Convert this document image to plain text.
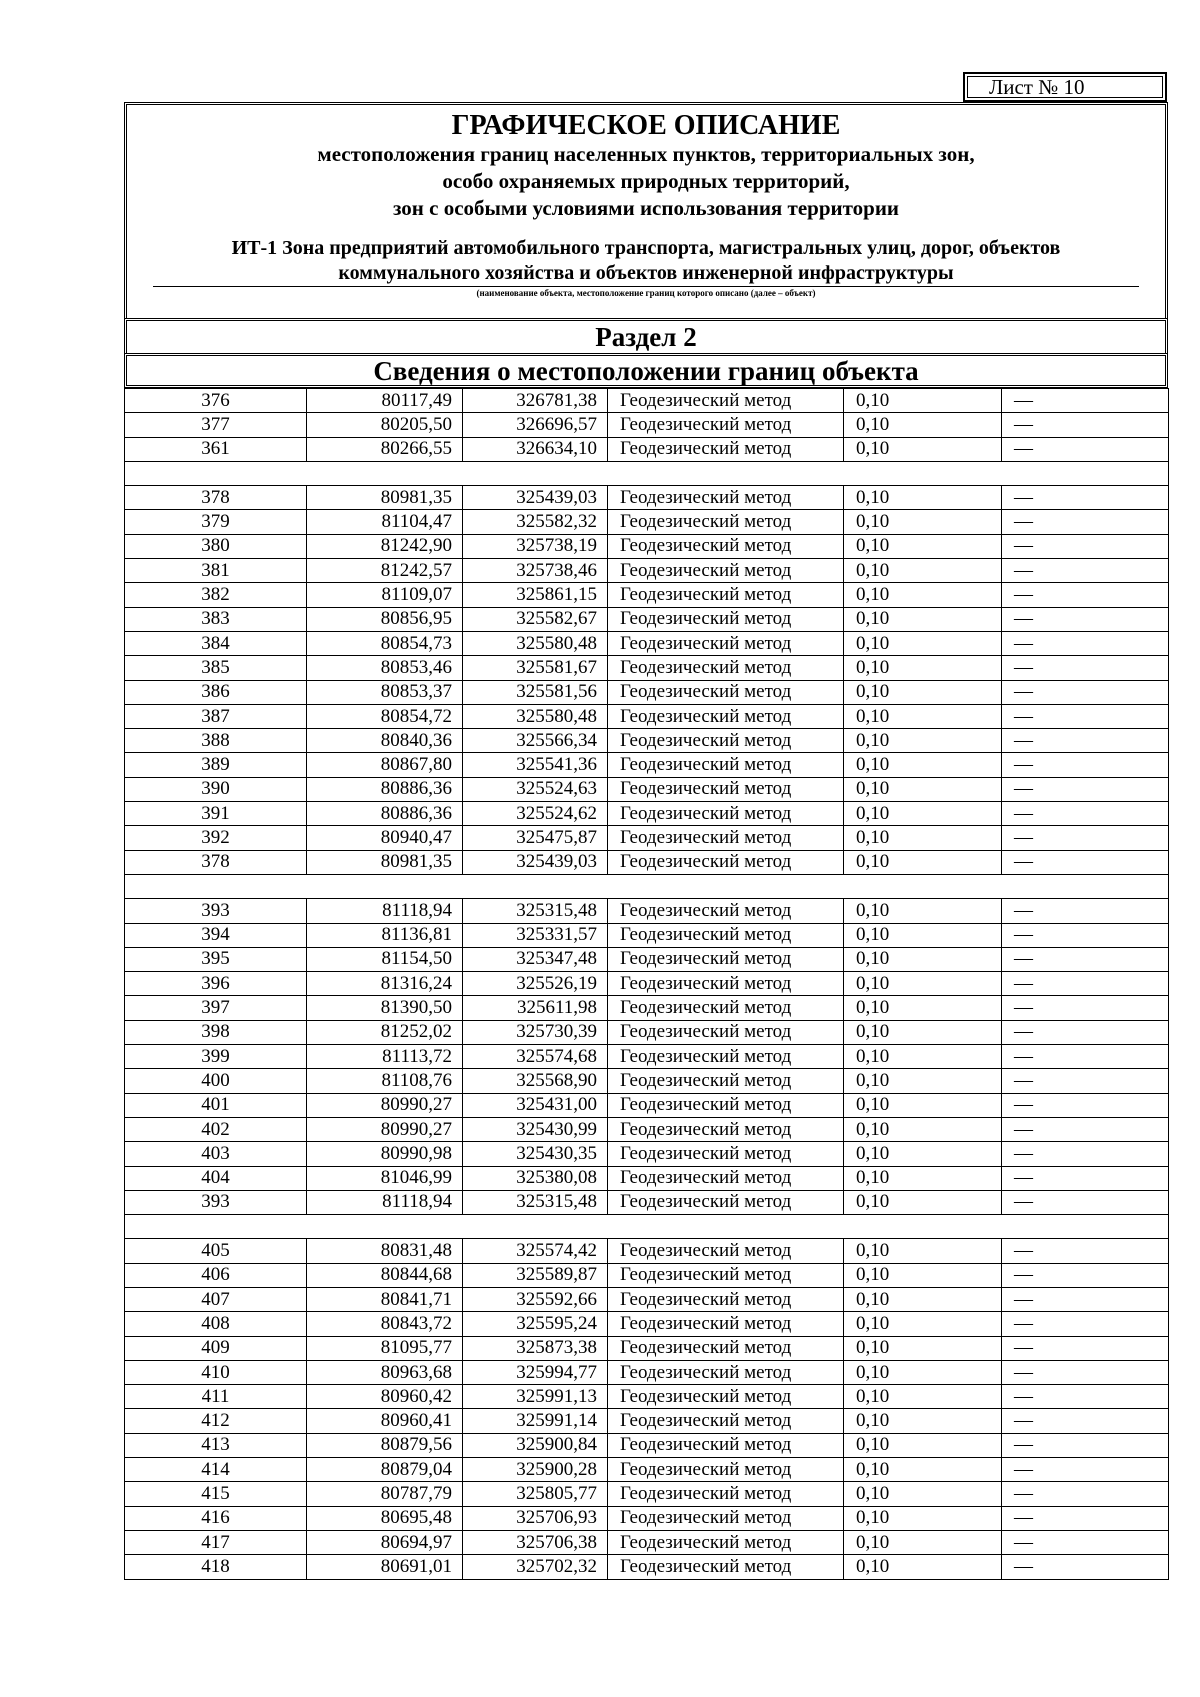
Лист № 10
ГРАФИЧЕСКОЕ ОПИСАНИЕ
местоположения границ населенных пунктов, территориальных зон,
особо охраняемых природных территорий,
зон с особыми условиями использования территории
ИТ-1 Зона предприятий автомобильного транспорта, магистральных улиц, дорог, объектов
коммунального хозяйства и объектов инженерной инфраструктуры
(наименование объекта, местоположение границ которого описано (далее – объект)
Раздел 2
Сведения о местоположении границ объекта
376	80117,49	326781,38	Геодезический метод	0,10	—
377	80205,50	326696,57	Геодезический метод	0,10	—
361	80266,55	326634,10	Геодезический метод	0,10	—

378	80981,35	325439,03	Геодезический метод	0,10	—
379	81104,47	325582,32	Геодезический метод	0,10	—
380	81242,90	325738,19	Геодезический метод	0,10	—
381	81242,57	325738,46	Геодезический метод	0,10	—
382	81109,07	325861,15	Геодезический метод	0,10	—
383	80856,95	325582,67	Геодезический метод	0,10	—
384	80854,73	325580,48	Геодезический метод	0,10	—
385	80853,46	325581,67	Геодезический метод	0,10	—
386	80853,37	325581,56	Геодезический метод	0,10	—
387	80854,72	325580,48	Геодезический метод	0,10	—
388	80840,36	325566,34	Геодезический метод	0,10	—
389	80867,80	325541,36	Геодезический метод	0,10	—
390	80886,36	325524,63	Геодезический метод	0,10	—
391	80886,36	325524,62	Геодезический метод	0,10	—
392	80940,47	325475,87	Геодезический метод	0,10	—
378	80981,35	325439,03	Геодезический метод	0,10	—

393	81118,94	325315,48	Геодезический метод	0,10	—
394	81136,81	325331,57	Геодезический метод	0,10	—
395	81154,50	325347,48	Геодезический метод	0,10	—
396	81316,24	325526,19	Геодезический метод	0,10	—
397	81390,50	325611,98	Геодезический метод	0,10	—
398	81252,02	325730,39	Геодезический метод	0,10	—
399	81113,72	325574,68	Геодезический метод	0,10	—
400	81108,76	325568,90	Геодезический метод	0,10	—
401	80990,27	325431,00	Геодезический метод	0,10	—
402	80990,27	325430,99	Геодезический метод	0,10	—
403	80990,98	325430,35	Геодезический метод	0,10	—
404	81046,99	325380,08	Геодезический метод	0,10	—
393	81118,94	325315,48	Геодезический метод	0,10	—

405	80831,48	325574,42	Геодезический метод	0,10	—
406	80844,68	325589,87	Геодезический метод	0,10	—
407	80841,71	325592,66	Геодезический метод	0,10	—
408	80843,72	325595,24	Геодезический метод	0,10	—
409	81095,77	325873,38	Геодезический метод	0,10	—
410	80963,68	325994,77	Геодезический метод	0,10	—
411	80960,42	325991,13	Геодезический метод	0,10	—
412	80960,41	325991,14	Геодезический метод	0,10	—
413	80879,56	325900,84	Геодезический метод	0,10	—
414	80879,04	325900,28	Геодезический метод	0,10	—
415	80787,79	325805,77	Геодезический метод	0,10	—
416	80695,48	325706,93	Геодезический метод	0,10	—
417	80694,97	325706,38	Геодезический метод	0,10	—
418	80691,01	325702,32	Геодезический метод	0,10	—
